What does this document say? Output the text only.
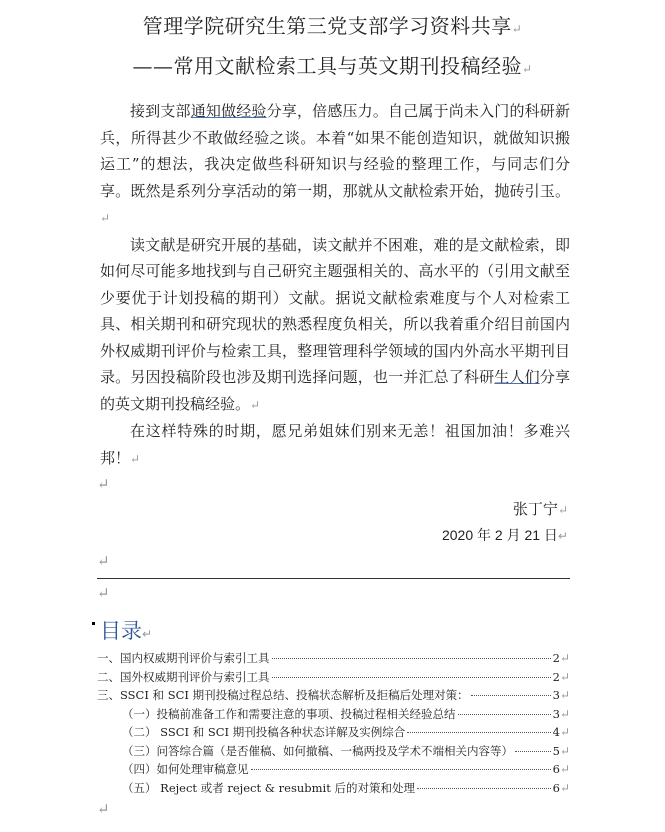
管理学院研究生第三党支部学习资料共享↵
——常用文献检索工具与英文期刊投稿经验↵

接到支部通知做经验分享，倍感压力。自己属于尚未入门的科研新兵，所得甚少不敢做经验之谈。本着“如果不能创造知识，就做知识搬运工”的想法，我决定做些科研知识与经验的整理工作，与同志们分享。既然是系列分享活动的第一期，那就从文献检索开始，抛砖引玉。↵

读文献是研究开展的基础，读文献并不困难，难的是文献检索，即如何尽可能多地找到与自己研究主题强相关的、高水平的（引用文献至少要优于计划投稿的期刊）文献。据说文献检索难度与个人对检索工具、相关期刊和研究现状的熟悉程度负相关，所以我着重介绍目前国内外权威期刊评价与检索工具，整理管理科学领域的国内外高水平期刊目录。另因投稿阶段也涉及期刊选择问题，也一并汇总了科研生人们分享的英文期刊投稿经验。↵

在这样特殊的时期，愿兄弟姐妹们别来无恙！祖国加油！多难兴邦！↵

↵
张丁宁↵
2020 年 2 月 21 日↵
↵
↵
目录↵
一、国内权威期刊评价与索引工具	2↵
二、国外权威期刊评价与索引工具	2↵
三、SSCI 和 SCI 期刊投稿过程总结、投稿状态解析及拒稿后处理对策：	3↵
（一）投稿前准备工作和需要注意的事项、投稿过程相关经验总结	3↵
（二） SSCI 和 SCI 期刊投稿各种状态详解及实例综合	4↵
（三）问答综合篇（是否催稿、如何撤稿、一稿两投及学术不端相关内容等）	5↵
（四）如何处理审稿意见	6↵
（五） Reject 或者 reject & resubmit 后的对策和处理	6↵
↵
